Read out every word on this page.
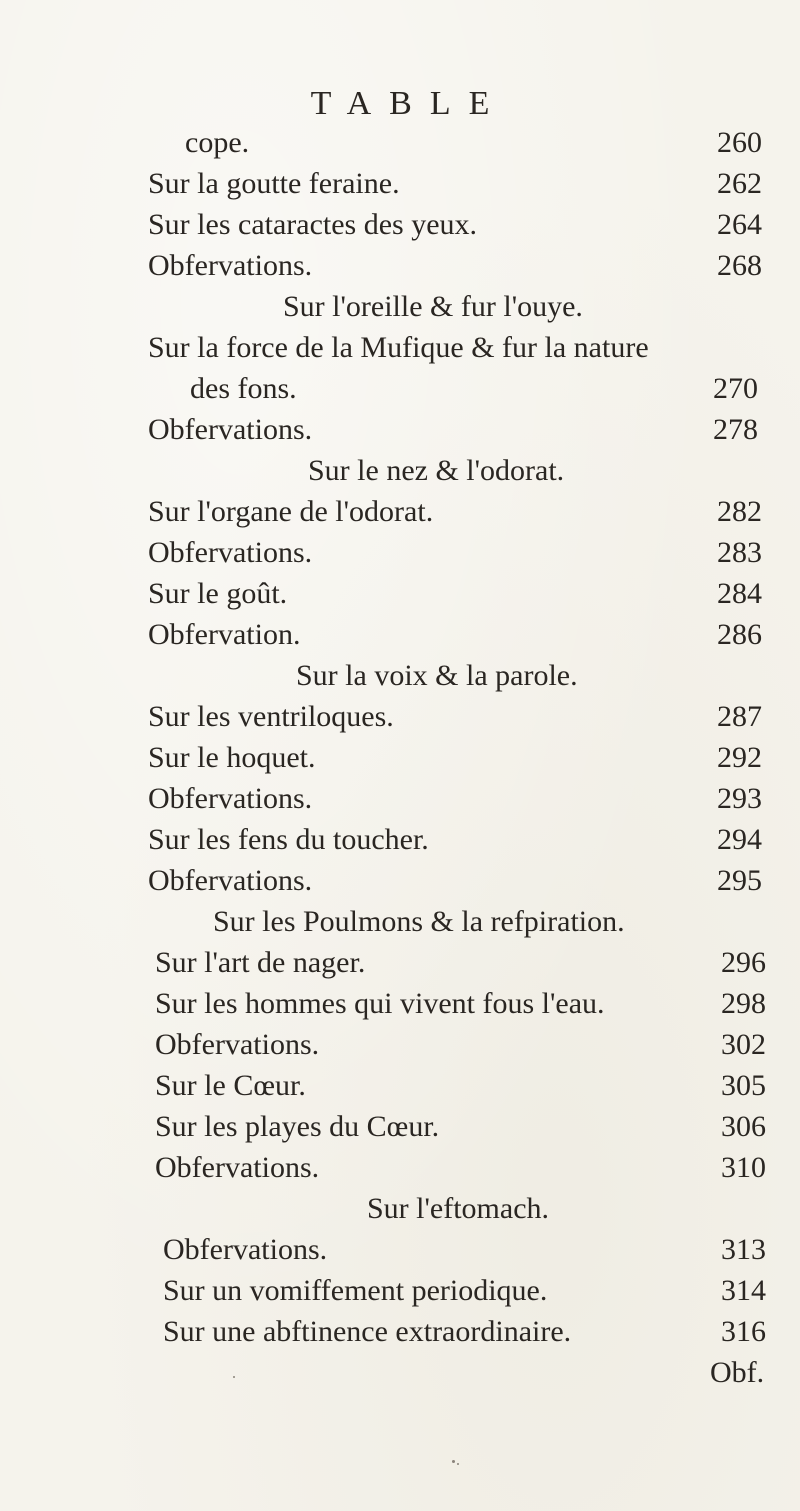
TABLE
cope.	260
Sur la goutte feraine.	262
Sur les cataractes des yeux.	264
Obfervations.	268
Sur l'oreille & fur l'ouye.
Sur la force de la Mufique & fur la nature
des fons.	270
Obfervations.	278
Sur le nez & l'odorat.
Sur l'organe de l'odorat.	282
Obfervations.	283
Sur le goût.	284
Obfervation.	286
Sur la voix & la parole.
Sur les ventriloques.	287
Sur le hoquet.	292
Obfervations.	293
Sur les fens du toucher.	294
Obfervations.	295
Sur les Poulmons & la refpiration.
Sur l'art de nager.	296
Sur les hommes qui vivent fous l'eau.	298
Obfervations.	302
Sur le Cœur.	305
Sur les playes du Cœur.	306
Obfervations.	310
Sur l'eftomach.
Obfervations.	313
Sur un vomiffement periodique.	314
Sur une abftinence extraordinaire.	316
Obf.
